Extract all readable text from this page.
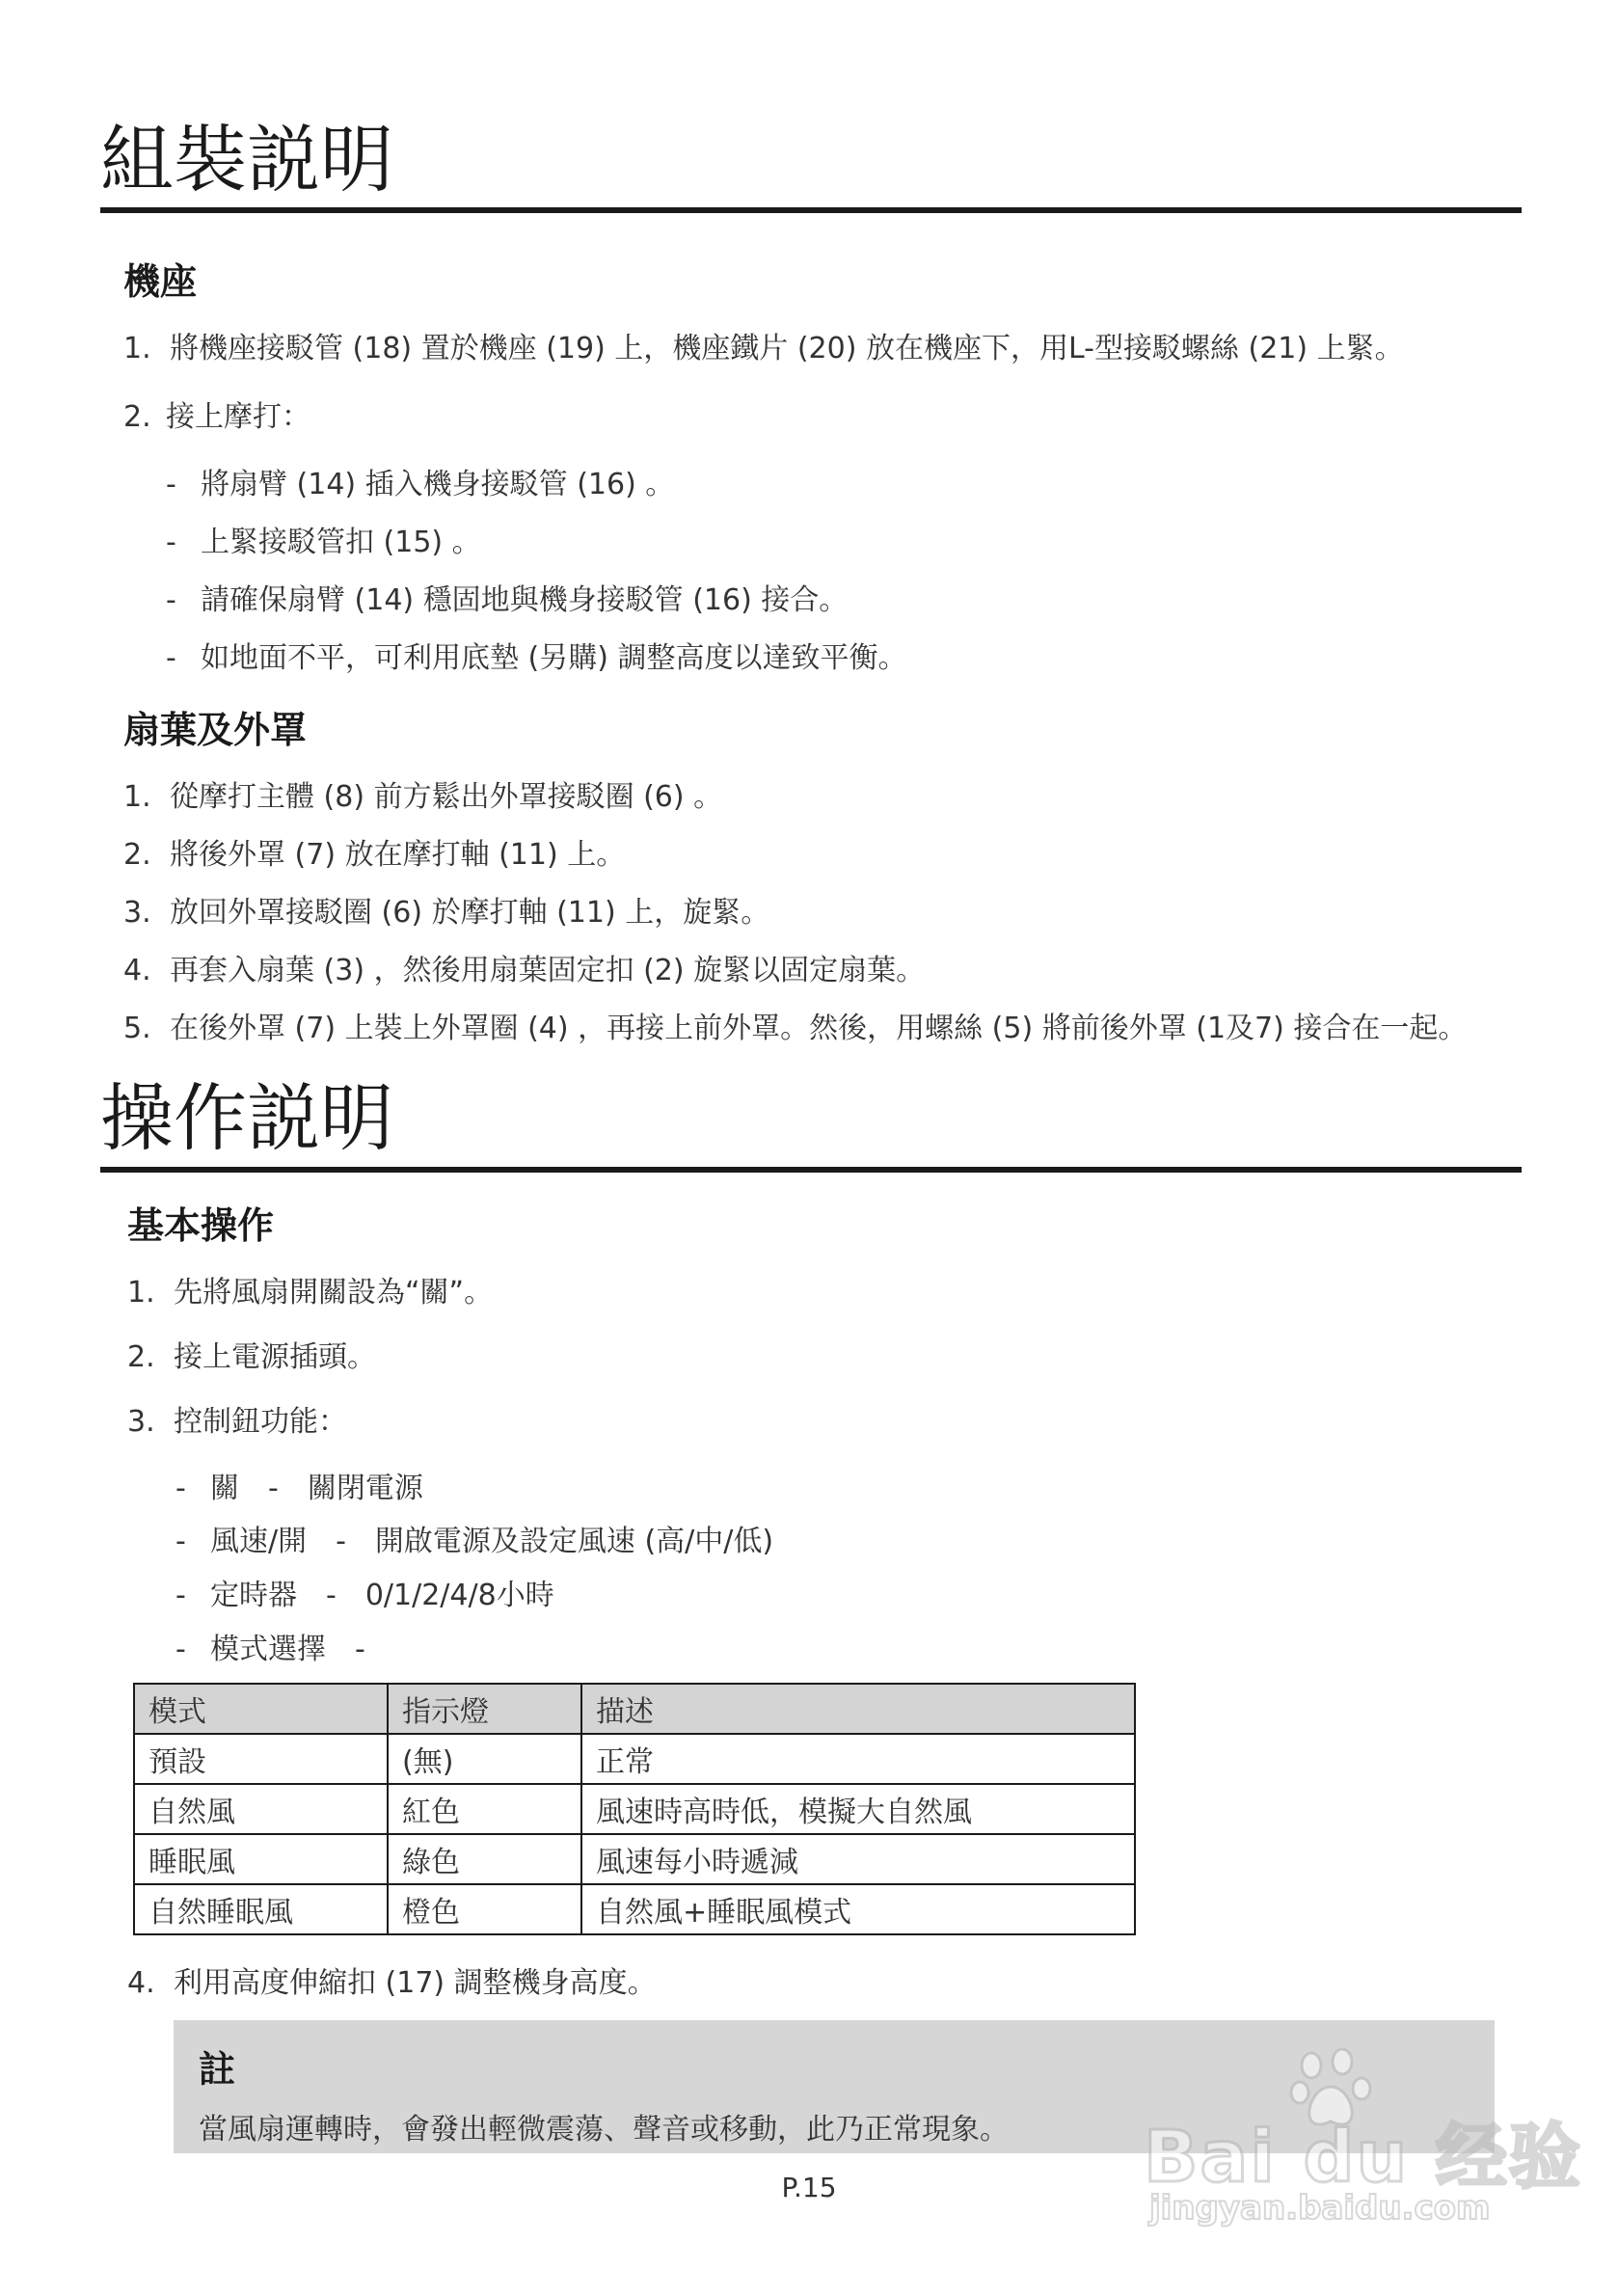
組裝説明
機座
1. 將機座接駁管 (18) 置於機座 (19) 上，機座鐵片 (20) 放在機座下，用L-型接駁螺絲 (21) 上緊。
2. 接上摩打：
- 將扇臂 (14) 插入機身接駁管 (16) 。
- 上緊接駁管扣 (15) 。
- 請確保扇臂 (14) 穩固地與機身接駁管 (16) 接合。
- 如地面不平，可利用底墊 (另購) 調整高度以達致平衡。
扇葉及外罩
1. 從摩打主體 (8) 前方鬆出外罩接駁圈 (6) 。
2. 將後外罩 (7) 放在摩打軸 (11) 上。
3. 放回外罩接駁圈 (6) 於摩打軸 (11) 上，旋緊。
4. 再套入扇葉 (3) ，然後用扇葉固定扣 (2) 旋緊以固定扇葉。
5. 在後外罩 (7) 上裝上外罩圈 (4) ，再接上前外罩。然後，用螺絲 (5) 將前後外罩 (1及7) 接合在一起。
操作説明
基本操作
1. 先將風扇開關設為“關”。
2. 接上電源插頭。
3. 控制鈕功能：
- 關　-　關閉電源
- 風速/開　-　開啟電源及設定風速 (高/中/低)
- 定時器　-　0/1/2/4/8小時
- 模式選擇　-
模式	指示燈	描述
預設	(無)	正常
自然風	紅色	風速時高時低，模擬大自然風
睡眠風	綠色	風速每小時遞減
自然睡眠風	橙色	自然風+睡眠風模式
4. 利用高度伸縮扣 (17) 調整機身高度。
註
當風扇運轉時，會發出輕微震蕩、聲音或移動，此乃正常現象。
P.15	Bai du 经验
jingyan.baidu.com
